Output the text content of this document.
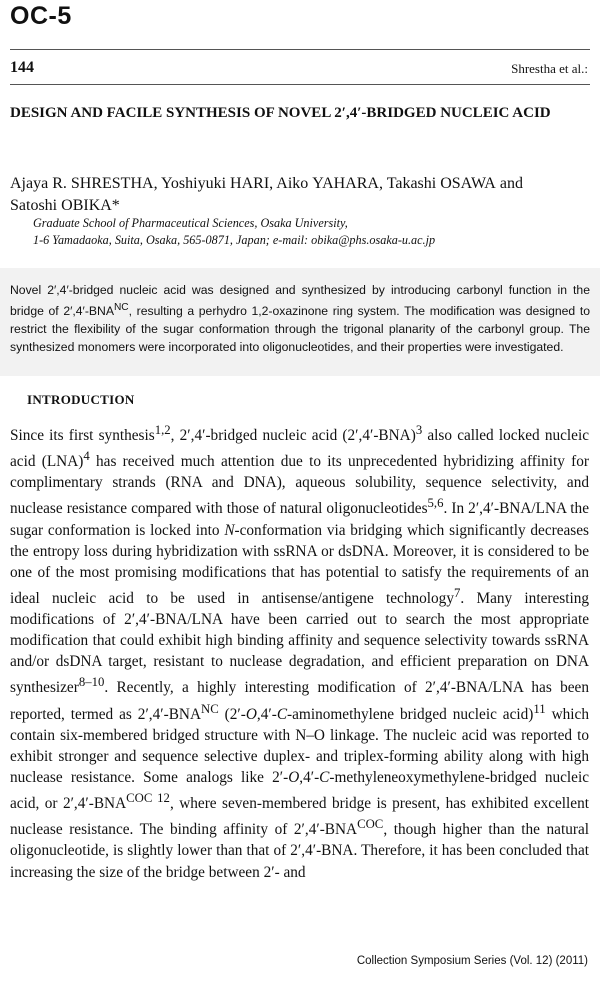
OC-5
144	Shrestha et al.:
DESIGN AND FACILE SYNTHESIS OF NOVEL 2′,4′-BRIDGED NUCLEIC ACID
Ajaya R. SHRESTHA, Yoshiyuki HARI, Aiko YAHARA, Takashi OSAWA and
Satoshi OBIKA*
Graduate School of Pharmaceutical Sciences, Osaka University,
1-6 Yamadaoka, Suita, Osaka, 565-0871, Japan; e-mail: obika@phs.osaka-u.ac.jp
Novel 2′,4′-bridged nucleic acid was designed and synthesized by introducing carbonyl function in the bridge of $2',4'-BNA^{NC}$, resulting a perhydro 1,2-oxazinone ring system. The modification was designed to restrict the flexibility of the sugar conformation through the trigonal planarity of the carbonyl group. The synthesized monomers were incorporated into oligonucleotides, and their properties were investigated.
INTRODUCTION

Since its first synthesis$^{1,2}$, 2′,4′-bridged nucleic acid $(2',4'-BNA)^3$ also called locked nucleic acid (LNA)$^4$ has received much attention due to its unprecedented hybridizing affinity for complimentary strands (RNA and DNA), aqueous solubility, sequence selectivity, and nuclease resistance compared with those of natural oligonucleotides$^{5,6}$. In 2′,4′-BNA/LNA the sugar conformation is locked into N-conformation via bridging which significantly decreases the entropy loss during hybridization with ssRNA or dsDNA. Moreover, it is considered to be one of the most promising modifications that has potential to satisfy the requirements of an ideal nucleic acid to be used in antisense/antigene technology$^7$. Many interesting modifications of 2′,4′-BNA/LNA have been carried out to search the most appropriate modification that could exhibit high binding affinity and sequence selectivity towards ssRNA and/or dsDNA target, resistant to nuclease degradation, and efficient preparation on DNA synthesizer$^{8-10}$. Recently, a highly interesting modification of 2′,4′-BNA/LNA has been reported, termed as $2',4'-BNA^{NC}$ (2′-O,4′-C-aminomethylene bridged nucleic acid)$^{11}$ which contain six-membered bridged structure with N–O linkage. The nucleic acid was reported to exhibit stronger and sequence selective duplex- and triplex-forming ability along with high nuclease resistance. Some analogs like 2′-O,4′-C-methyleneoxymethylene-bridged nucleic acid, or $2',4'-BNA^{COC 12}$, where seven-membered bridge is present, has exhibited excellent nuclease resistance. The binding affinity of $2',4'-BNA^{COC}$, though higher than the natural oligonucleotide, is slightly lower than that of 2′,4′-BNA. Therefore, it has been concluded that increasing the size of the bridge between 2′- and

Collection Symposium Series (Vol. 12) (2011)
